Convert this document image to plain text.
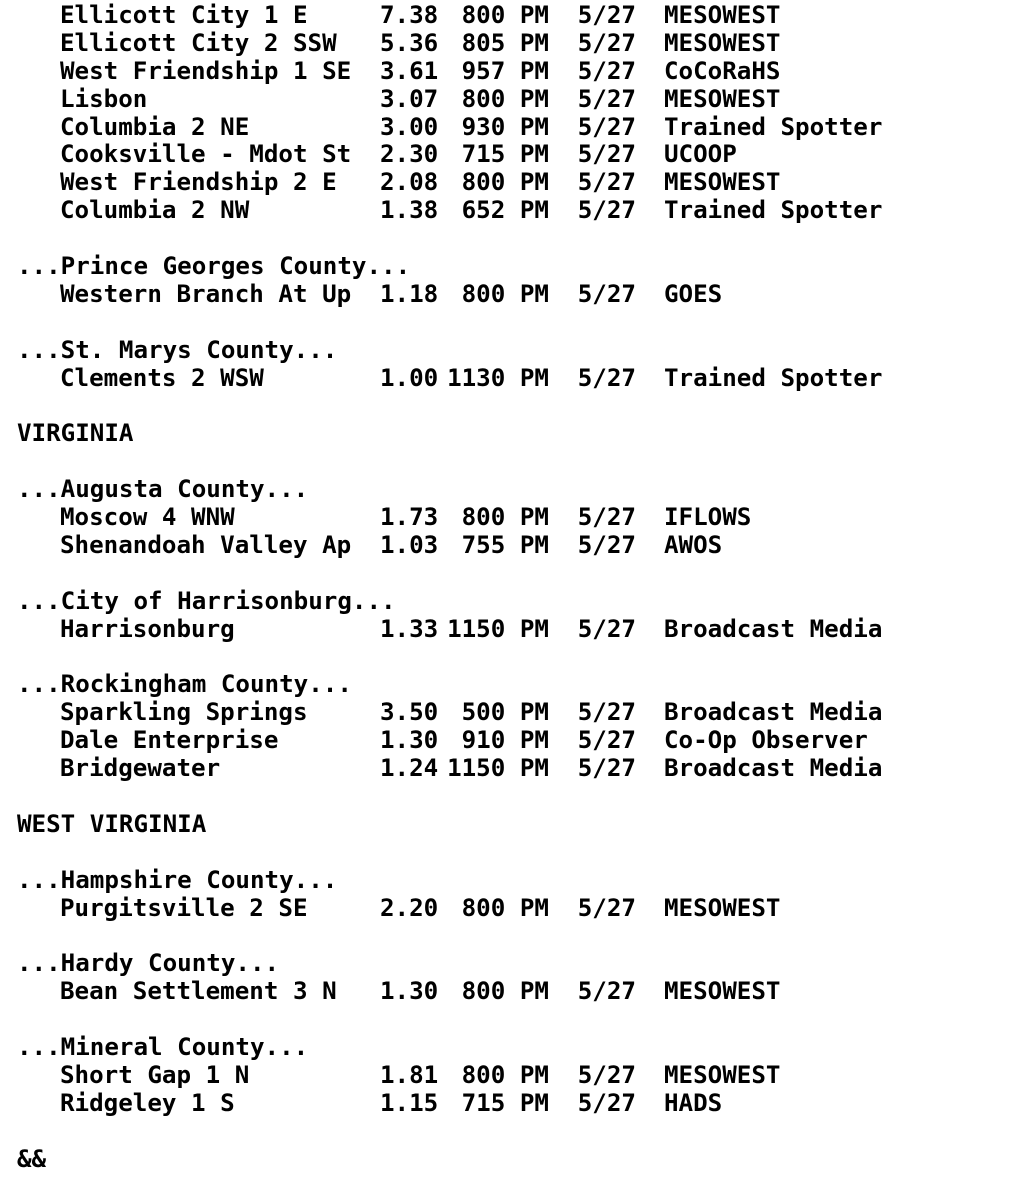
Ellicott City 1 E	7.38 800 PM 5/27 MESOWEST
Ellicott City 2 SSW 5.36 805 PM 5/27 MESOWEST
West Friendship 1 SE 3.61 957 PM 5/27 CoCoRaHS
Lisbon	3.07 800 PM 5/27 MESOWEST
Columbia 2 NE	3.00 930 PM 5/27 Trained Spotter
Cooksville - Mdot St 2.30 715 PM 5/27 UCOOP
West Friendship 2 E 2.08 800 PM 5/27 MESOWEST
Columbia 2 NW	1.38 652 PM 5/27 Trained Spotter
...Prince Georges County...
Western Branch At Up 1.18 800 PM 5/27 GOES
...St. Marys County...
Clements 2 WSW	1.00 1130 PM 5/27 Trained Spotter
VIRGINIA
...Augusta County...
Moscow 4 WNW	1.73 800 PM 5/27 IFLOWS
Shenandoah Valley Ap 1.03 755 PM 5/27 AWOS
...City of Harrisonburg...
Harrisonburg	1.33 1150 PM 5/27 Broadcast Media
...Rockingham County...
Sparkling Springs	3.50 500 PM 5/27 Broadcast Media
Dale Enterprise	1.30 910 PM 5/27 Co-Op Observer
Bridgewater	1.24 1150 PM 5/27 Broadcast Media
WEST VIRGINIA
...Hampshire County...
Purgitsville 2 SE	2.20 800 PM 5/27 MESOWEST
...Hardy County...
Bean Settlement 3 N 1.30 800 PM 5/27 MESOWEST
...Mineral County...
Short Gap 1 N	1.81 800 PM 5/27 MESOWEST
Ridgeley 1 S	1.15 715 PM 5/27 HADS
&&
